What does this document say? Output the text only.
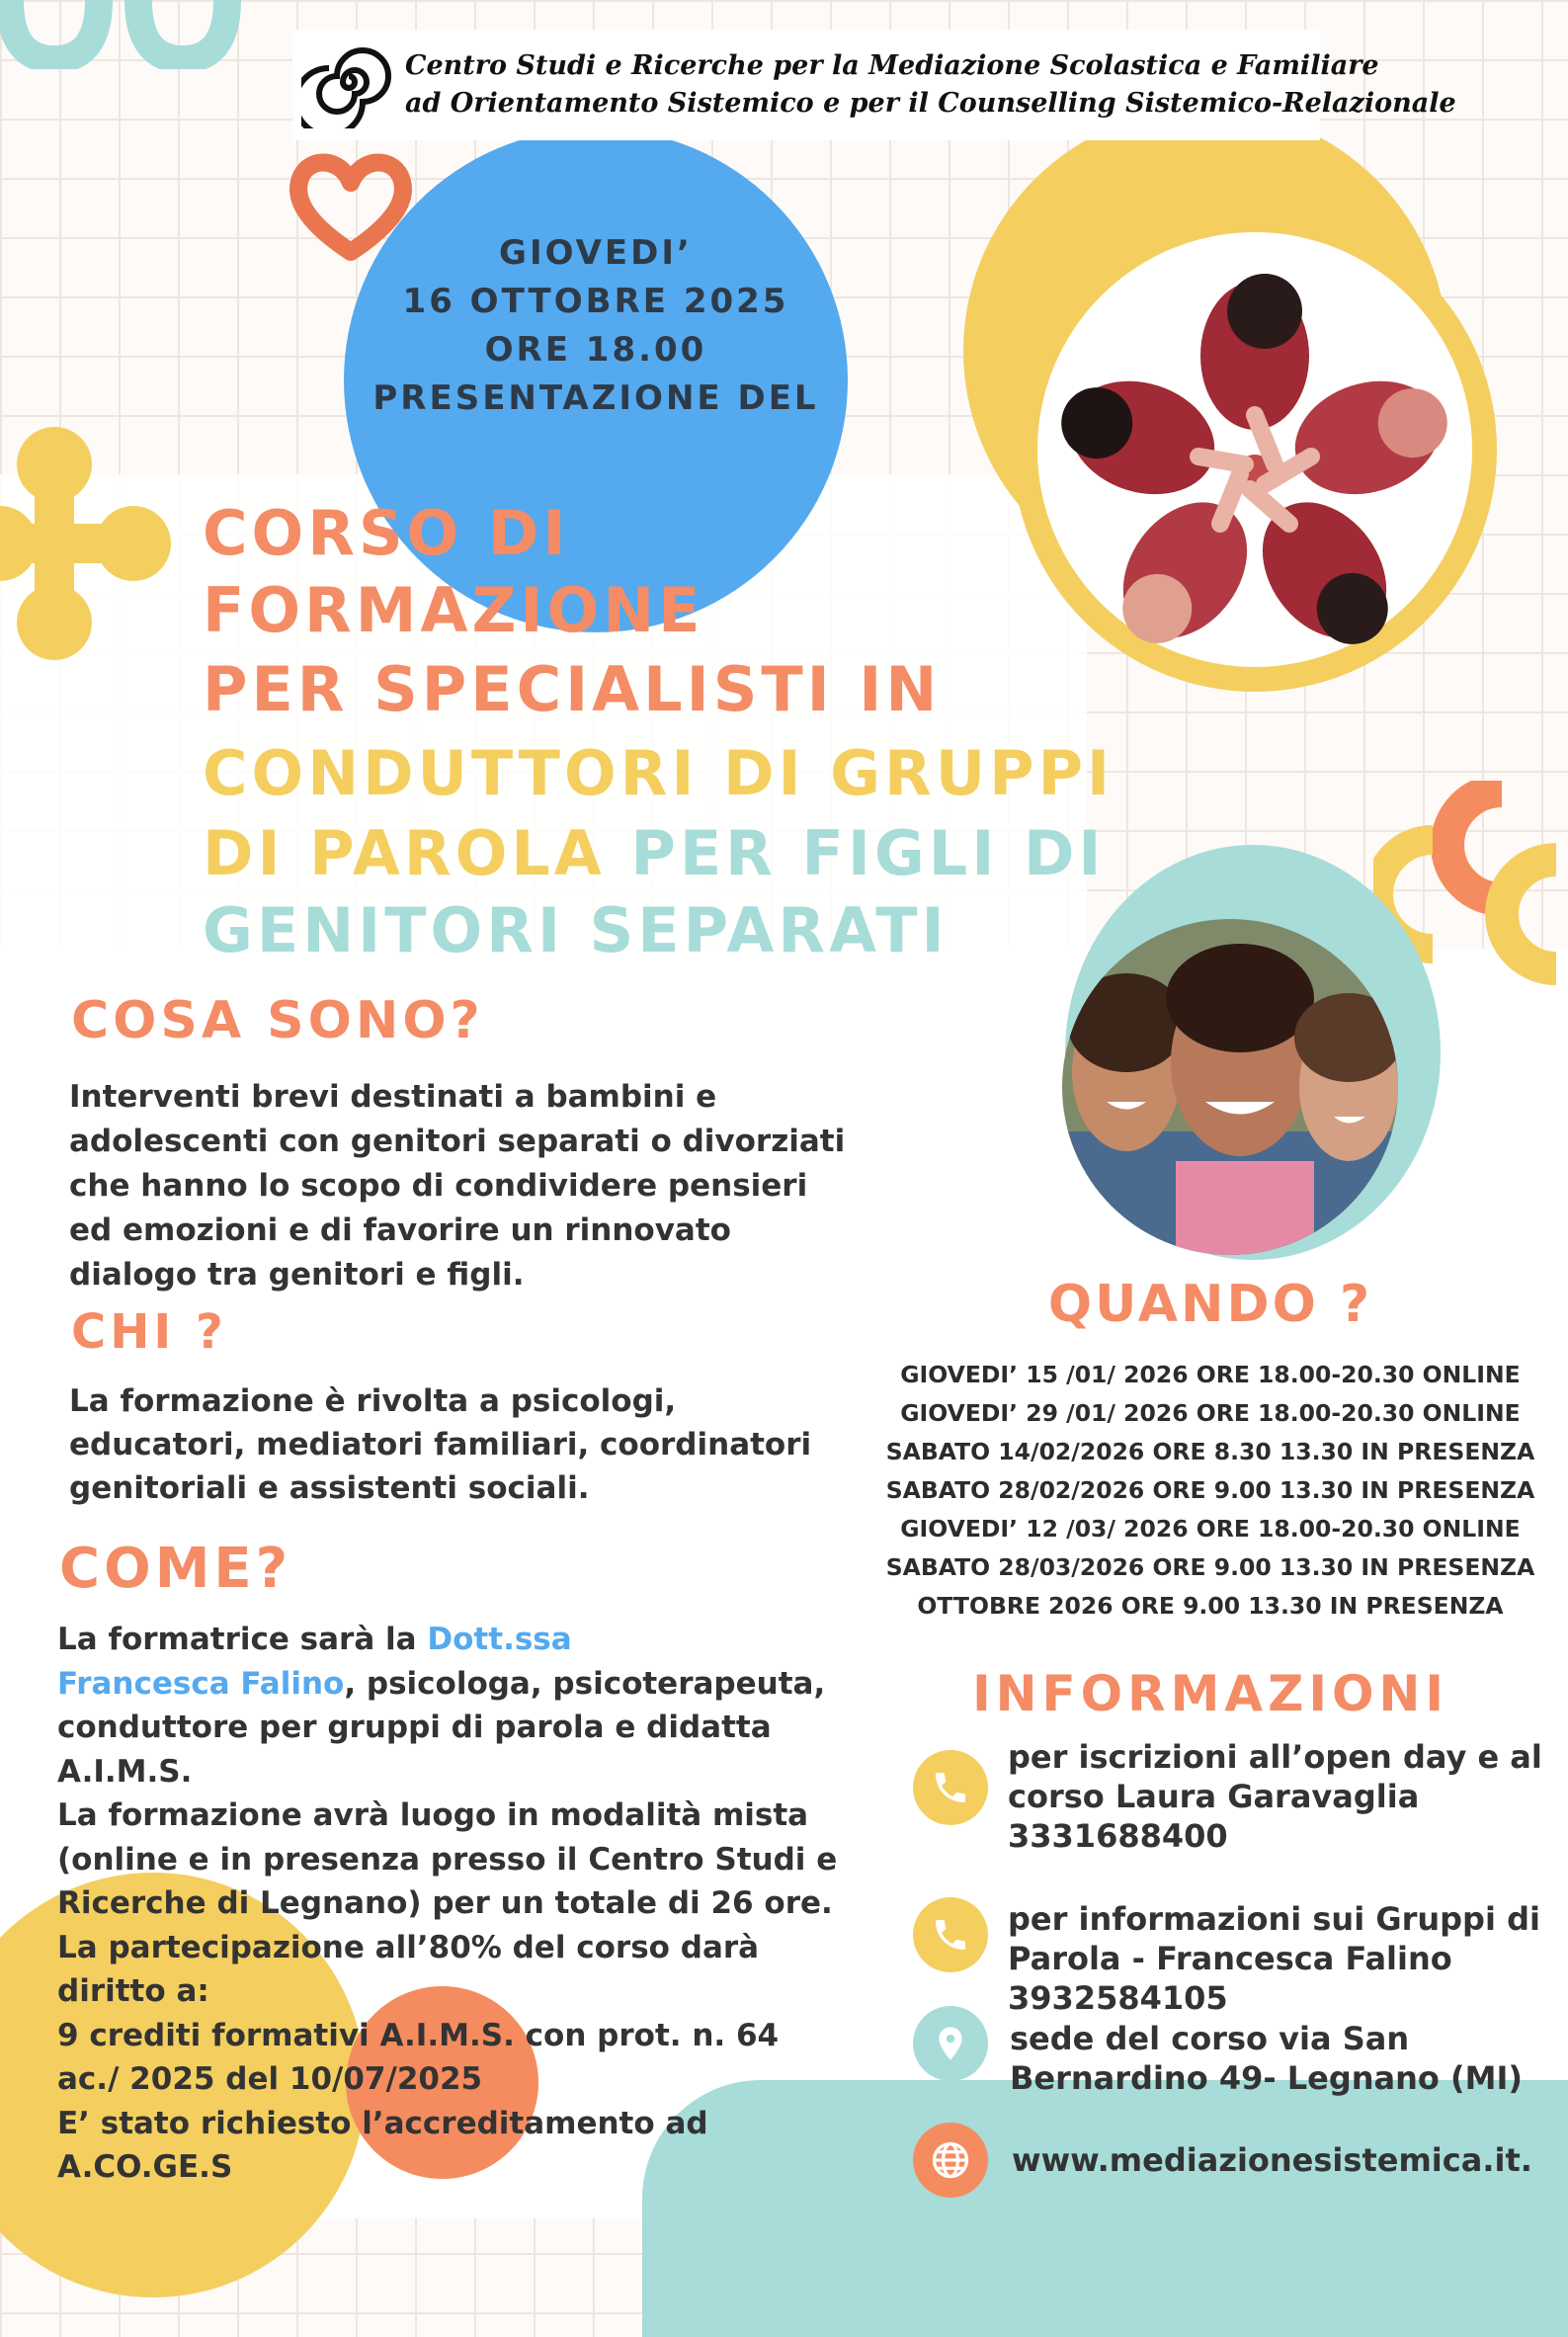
GIOVEDI’
16 OTTOBRE 2025
ORE 18.00
PRESENTAZIONE DEL
Centro Studi e Ricerche per la Mediazione Scolastica e Familiare
ad Orientamento Sistemico e per il Counselling Sistemico-Relazionale
CORSO DI
FORMAZIONE
PER SPECIALISTI IN
CONDUTTORI DI GRUPPI
DI PAROLA PER FIGLI DI
GENITORI SEPARATI
COSA SONO?
Interventi brevi destinati a bambini e
adolescenti con genitori separati o divorziati
che hanno lo scopo di condividere pensieri
ed emozioni e di favorire un rinnovato
dialogo tra genitori e figli.
CHI ?
La formazione è rivolta a psicologi,
educatori, mediatori familiari, coordinatori
genitoriali e assistenti sociali.
COME?
La formatrice sarà la Dott.ssa
Francesca Falino, psicologa, psicoterapeuta,
conduttore per gruppi di parola e didatta
A.I.M.S.
La formazione avrà luogo in modalità mista
(online e in presenza presso il Centro Studi e
Ricerche di Legnano) per un totale di 26 ore.
La partecipazione all’80% del corso darà
diritto a:
9 crediti formativi A.I.M.S. con prot. n. 64
ac./ 2025 del 10/07/2025
E’ stato richiesto l’accreditamento ad
A.CO.GE.S
QUANDO ?
GIOVEDI’ 15 /01/ 2026 ORE 18.00-20.30 ONLINE
GIOVEDI’ 29 /01/ 2026 ORE 18.00-20.30 ONLINE
SABATO 14/02/2026 ORE 8.30 13.30 IN PRESENZA
SABATO 28/02/2026 ORE 9.00 13.30 IN PRESENZA
GIOVEDI’ 12 /03/ 2026 ORE 18.00-20.30 ONLINE
SABATO 28/03/2026 ORE 9.00 13.30 IN PRESENZA
OTTOBRE 2026 ORE 9.00 13.30 IN PRESENZA
INFORMAZIONI
per iscrizioni all’open day e al
corso Laura Garavaglia
3331688400
per informazioni sui Gruppi di
Parola - Francesca Falino
3932584105
sede del corso via San
Bernardino 49- Legnano (MI)
www.mediazionesistemica.it.
